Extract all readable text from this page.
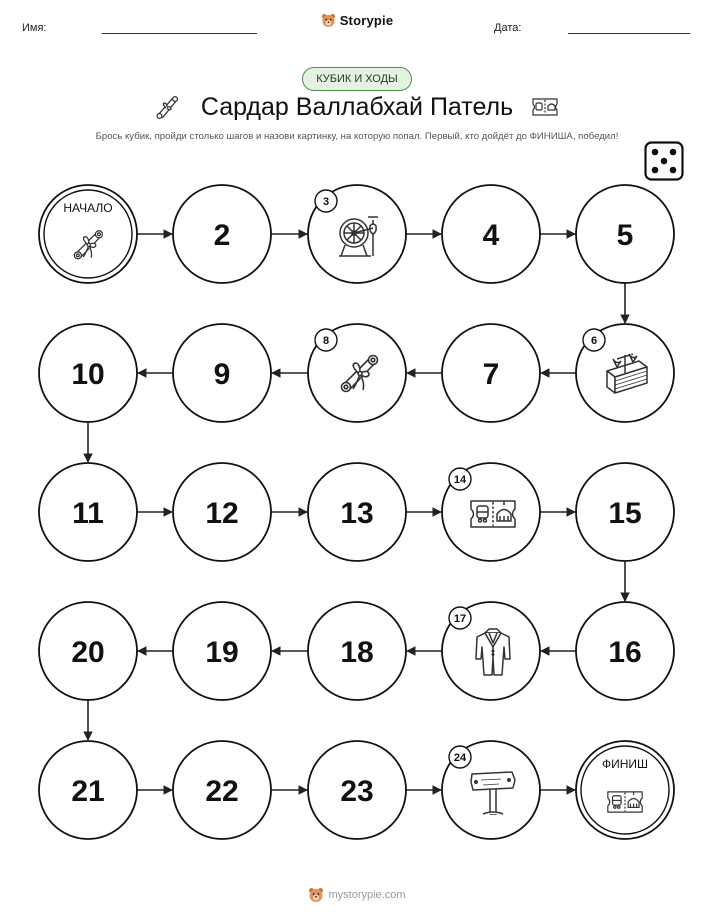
Имя:	Storypie	Дата:
КУБИК И ХОДЫ
Сардар Валлабхай Патель
Брось кубик, пройди столько шагов и назови картинку, на которую попал. Первый, кто дойдёт до ФИНИША, победил!
НАЧАЛО
2
3
4	5
6
7
8
9
10
11	12	13
14
15
16
17
18
19
20
21	22	23
24	ФИНИШ
mystorypie.com
